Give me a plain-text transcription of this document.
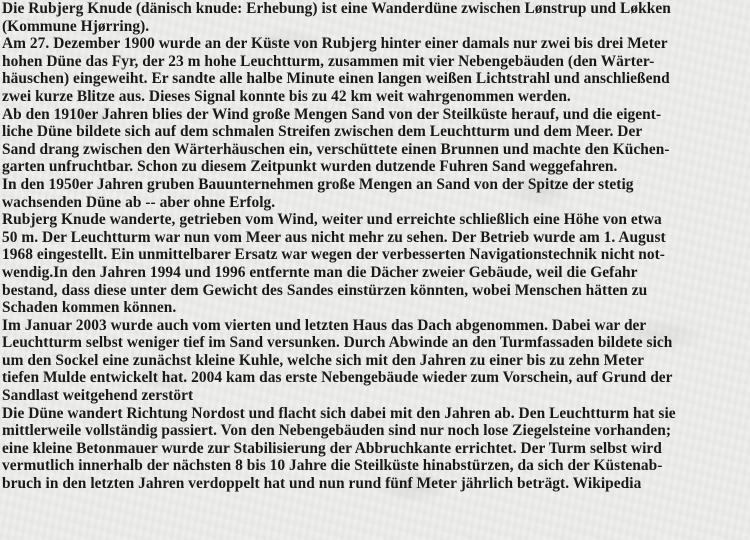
Die Rubjerg Knude (dänisch knude: Erhebung) ist eine Wanderdüne zwischen Lønstrup und Løkken
(Kommune Hjørring).
Am 27. Dezember 1900 wurde an der Küste von Rubjerg hinter einer damals nur zwei bis drei Meter
hohen Düne das Fyr, der 23 m hohe Leuchtturm, zusammen mit vier Nebengebäuden (den Wärter-
häuschen) eingeweiht. Er sandte alle halbe Minute einen langen weißen Lichtstrahl und anschließend
zwei kurze Blitze aus. Dieses Signal konnte bis zu 42 km weit wahrgenommen werden.
Ab den 1910er Jahren blies der Wind große Mengen Sand von der Steilküste herauf, und die eigent-
liche Düne bildete sich auf dem schmalen Streifen zwischen dem Leuchtturm und dem Meer. Der
Sand drang zwischen den Wärterhäuschen ein, verschüttete einen Brunnen und machte den Küchen-
garten unfruchtbar. Schon zu diesem Zeitpunkt wurden dutzende Fuhren Sand weggefahren.
In den 1950er Jahren gruben Bauunternehmen große Mengen an Sand von der Spitze der stetig
wachsenden Düne ab -- aber ohne Erfolg.
Rubjerg Knude wanderte, getrieben vom Wind, weiter und erreichte schließlich eine Höhe von etwa
50 m. Der Leuchtturm war nun vom Meer aus nicht mehr zu sehen. Der Betrieb wurde am 1. August
1968 eingestellt. Ein unmittelbarer Ersatz war wegen der verbesserten Navigationstechnik nicht not-
wendig.In den Jahren 1994 und 1996 entfernte man die Dächer zweier Gebäude, weil die Gefahr
bestand, dass diese unter dem Gewicht des Sandes einstürzen könnten, wobei Menschen hätten zu
Schaden kommen können.
Im Januar 2003 wurde auch vom vierten und letzten Haus das Dach abgenommen. Dabei war der
Leuchtturm selbst weniger tief im Sand versunken. Durch Abwinde an den Turmfassaden bildete sich
um den Sockel eine zunächst kleine Kuhle, welche sich mit den Jahren zu einer bis zu zehn Meter
tiefen Mulde entwickelt hat. 2004 kam das erste Nebengebäude wieder zum Vorschein, auf Grund der
Sandlast weitgehend zerstört
Die Düne wandert Richtung Nordost und flacht sich dabei mit den Jahren ab. Den Leuchtturm hat sie
mittlerweile vollständig passiert. Von den Nebengebäuden sind nur noch lose Ziegelsteine vorhanden;
eine kleine Betonmauer wurde zur Stabilisierung der Abbruchkante errichtet. Der Turm selbst wird
vermutlich innerhalb der nächsten 8 bis 10 Jahre die Steilküste hinabstürzen, da sich der Küstenab-
bruch in den letzten Jahren verdoppelt hat und nun rund fünf Meter jährlich beträgt. Wikipedia
